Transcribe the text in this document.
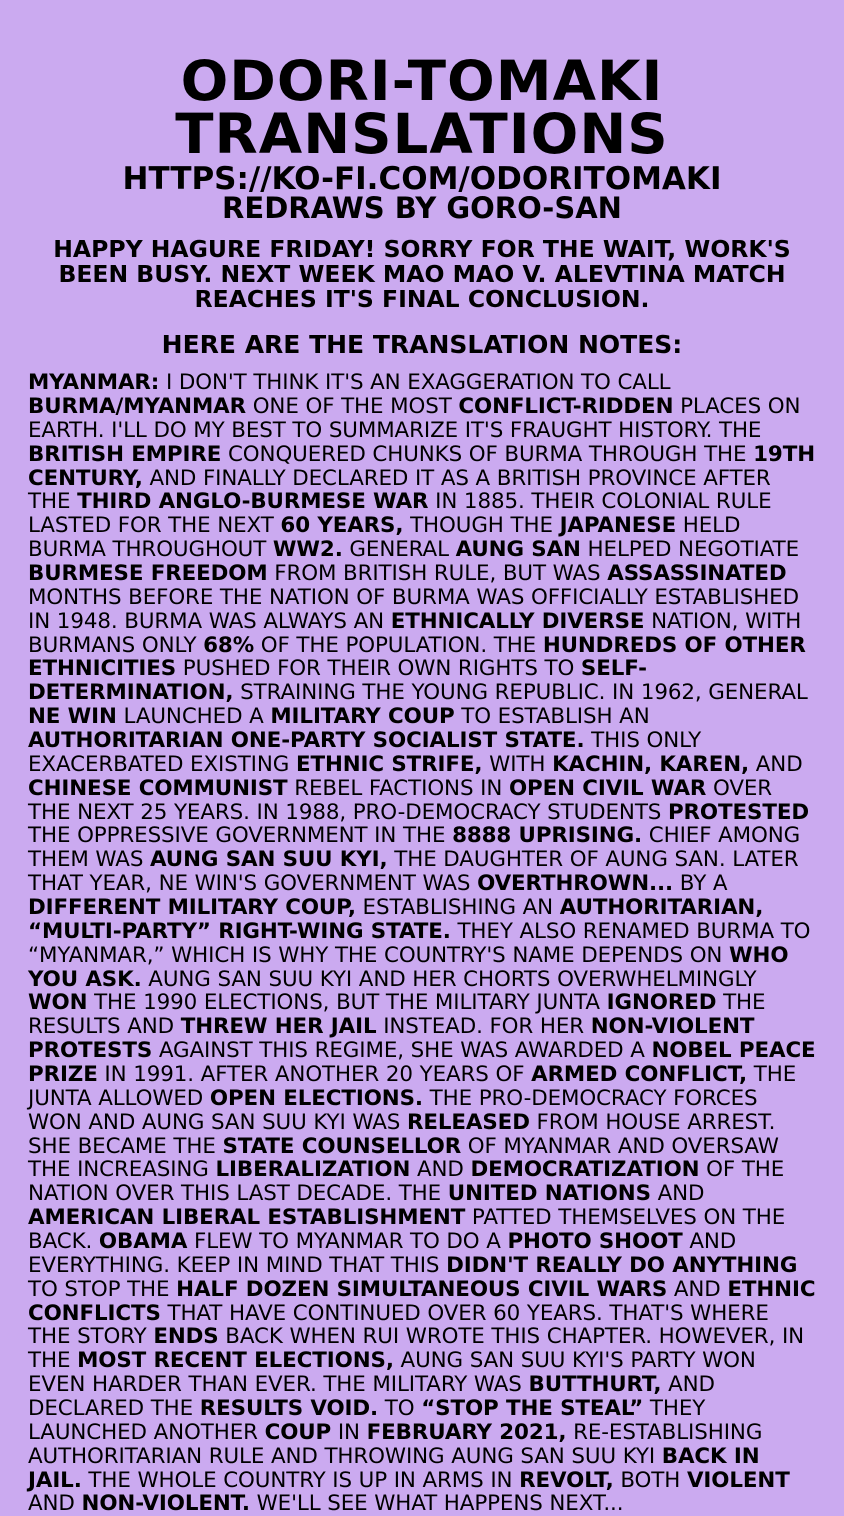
ODORI-TOMAKI
TRANSLATIONS
HTTPS://KO-FI.COM/ODORITOMAKI
REDRAWS BY GORO-SAN
HAPPY HAGURE FRIDAY! SORRY FOR THE WAIT, WORK'S BEEN BUSY. NEXT WEEK MAO MAO V. ALEVTINA MATCH REACHES IT'S FINAL CONCLUSION.
HERE ARE THE TRANSLATION NOTES:
MYANMAR: I DON'T THINK IT'S AN EXAGGERATION TO CALL BURMA/MYANMAR ONE OF THE MOST CONFLICT-RIDDEN PLACES ON EARTH. I'LL DO MY BEST TO SUMMARIZE IT'S FRAUGHT HISTORY. THE BRITISH EMPIRE CONQUERED CHUNKS OF BURMA THROUGH THE 19TH CENTURY, AND FINALLY DECLARED IT AS A BRITISH PROVINCE AFTER THE THIRD ANGLO-BURMESE WAR IN 1885. THEIR COLONIAL RULE LASTED FOR THE NEXT 60 YEARS, THOUGH THE JAPANESE HELD BURMA THROUGHOUT WW2. GENERAL AUNG SAN HELPED NEGOTIATE BURMESE FREEDOM FROM BRITISH RULE, BUT WAS ASSASSINATED MONTHS BEFORE THE NATION OF BURMA WAS OFFICIALLY ESTABLISHED IN 1948. BURMA WAS ALWAYS AN ETHNICALLY DIVERSE NATION, WITH BURMANS ONLY 68% OF THE POPULATION. THE HUNDREDS OF OTHER ETHNICITIES PUSHED FOR THEIR OWN RIGHTS TO SELF-DETERMINATION, STRAINING THE YOUNG REPUBLIC. IN 1962, GENERAL NE WIN LAUNCHED A MILITARY COUP TO ESTABLISH AN AUTHORITARIAN ONE-PARTY SOCIALIST STATE. THIS ONLY EXACERBATED EXISTING ETHNIC STRIFE, WITH KACHIN, KAREN, AND CHINESE COMMUNIST REBEL FACTIONS IN OPEN CIVIL WAR OVER THE NEXT 25 YEARS. IN 1988, PRO-DEMOCRACY STUDENTS PROTESTED THE OPPRESSIVE GOVERNMENT IN THE 8888 UPRISING. CHIEF AMONG THEM WAS AUNG SAN SUU KYI, THE DAUGHTER OF AUNG SAN. LATER THAT YEAR, NE WIN'S GOVERNMENT WAS OVERTHROWN... BY A DIFFERENT MILITARY COUP, ESTABLISHING AN AUTHORITARIAN, “MULTI-PARTY” RIGHT-WING STATE. THEY ALSO RENAMED BURMA TO “MYANMAR,” WHICH IS WHY THE COUNTRY'S NAME DEPENDS ON WHO YOU ASK. AUNG SAN SUU KYI AND HER CHORTS OVERWHELMINGLY WON THE 1990 ELECTIONS, BUT THE MILITARY JUNTA IGNORED THE RESULTS AND THREW HER JAIL INSTEAD. FOR HER NON-VIOLENT PROTESTS AGAINST THIS REGIME, SHE WAS AWARDED A NOBEL PEACE PRIZE IN 1991. AFTER ANOTHER 20 YEARS OF ARMED CONFLICT, THE JUNTA ALLOWED OPEN ELECTIONS. THE PRO-DEMOCRACY FORCES WON AND AUNG SAN SUU KYI WAS RELEASED FROM HOUSE ARREST. SHE BECAME THE STATE COUNSELLOR OF MYANMAR AND OVERSAW THE INCREASING LIBERALIZATION AND DEMOCRATIZATION OF THE NATION OVER THIS LAST DECADE. THE UNITED NATIONS AND AMERICAN LIBERAL ESTABLISHMENT PATTED THEMSELVES ON THE BACK. OBAMA FLEW TO MYANMAR TO DO A PHOTO SHOOT AND EVERYTHING. KEEP IN MIND THAT THIS DIDN'T REALLY DO ANYTHING TO STOP THE HALF DOZEN SIMULTANEOUS CIVIL WARS AND ETHNIC CONFLICTS THAT HAVE CONTINUED OVER 60 YEARS. THAT'S WHERE THE STORY ENDS BACK WHEN RUI WROTE THIS CHAPTER. HOWEVER, IN THE MOST RECENT ELECTIONS, AUNG SAN SUU KYI'S PARTY WON EVEN HARDER THAN EVER. THE MILITARY WAS BUTTHURT, AND DECLARED THE RESULTS VOID. TO “STOP THE STEAL” THEY LAUNCHED ANOTHER COUP IN FEBRUARY 2021, RE-ESTABLISHING AUTHORITARIAN RULE AND THROWING AUNG SAN SUU KYI BACK IN JAIL. THE WHOLE COUNTRY IS UP IN ARMS IN REVOLT, BOTH VIOLENT AND NON-VIOLENT. WE'LL SEE WHAT HAPPENS NEXT...
